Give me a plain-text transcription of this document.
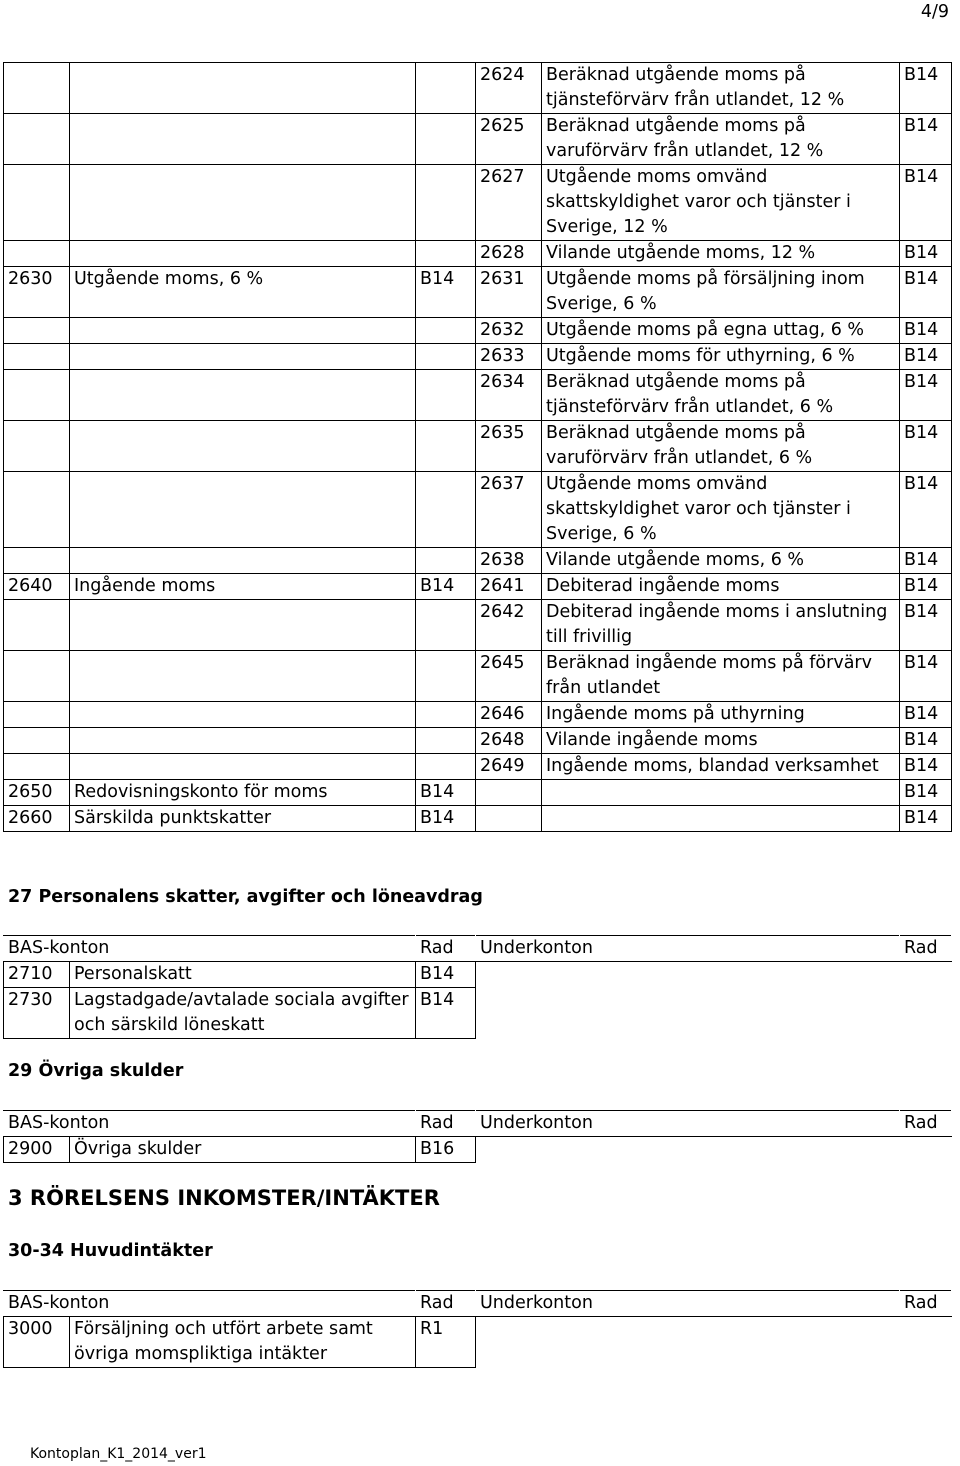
4/9
			2624	Beräknad utgående moms på tjänsteförvärv från utlandet, 12 %	B14
			2625	Beräknad utgående moms på varuförvärv från utlandet, 12 %	B14
			2627	Utgående moms omvänd skattskyldighet varor och tjänster i Sverige, 12 %	B14
			2628	Vilande utgående moms, 12 %	B14
2630	Utgående moms, 6 %	B14	2631	Utgående moms på försäljning inom Sverige, 6 %	B14
			2632	Utgående moms på egna uttag, 6 %	B14
			2633	Utgående moms för uthyrning, 6 %	B14
			2634	Beräknad utgående moms på tjänsteförvärv från utlandet, 6 %	B14
			2635	Beräknad utgående moms på varuförvärv från utlandet, 6 %	B14
			2637	Utgående moms omvänd skattskyldighet varor och tjänster i Sverige, 6 %	B14
			2638	Vilande utgående moms, 6 %	B14
2640	Ingående moms	B14	2641	Debiterad ingående moms	B14
			2642	Debiterad ingående moms i anslutning till frivillig	B14
			2645	Beräknad ingående moms på förvärv från utlandet	B14
			2646	Ingående moms på uthyrning	B14
			2648	Vilande ingående moms	B14
			2649	Ingående moms, blandad verksamhet	B14
2650	Redovisningskonto för moms	B14			B14
2660	Särskilda punktskatter	B14			B14
27 Personalens skatter, avgifter och löneavdrag
BAS-konton		Rad	Underkonton	Rad
2710	Personalskatt	B14		
2730	Lagstadgade/avtalade sociala avgifter och särskild löneskatt	B14		
29 Övriga skulder
BAS-konton		Rad	Underkonton	Rad
2900	Övriga skulder	B16		
3 RÖRELSENS INKOMSTER/INTÄKTER
30-34 Huvudintäkter
BAS-konton		Rad	Underkonton	Rad
3000	Försäljning och utfört arbete samt övriga momspliktiga intäkter	R1		
Kontoplan_K1_2014_ver1
